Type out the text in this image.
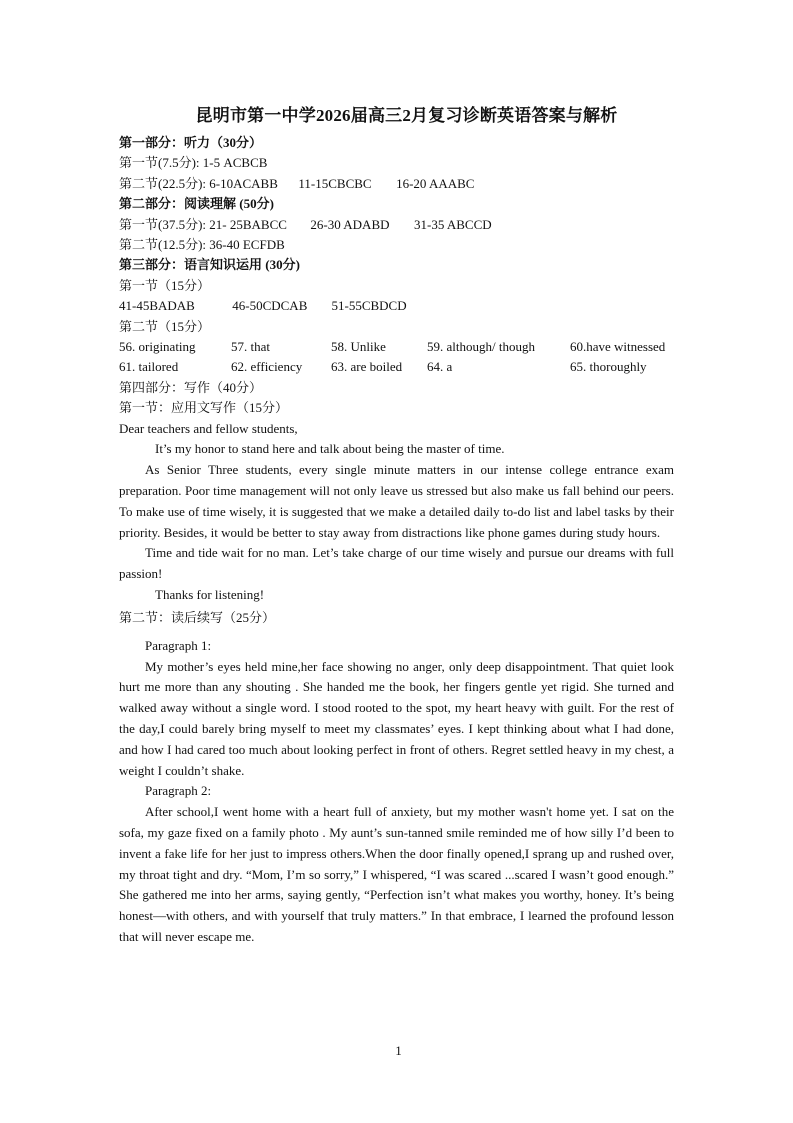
昆明市第一中学2026届高三2月复习诊断英语答案与解析
第一部分：听力（30分）
第一节(7.5分): 1-5 ACBCB
第二节(22.5分): 6-10ACABB 11-15CBCBC 16-20 AAABC
第二部分：阅读理解 (50分)
第一节(37.5分): 21- 25BABCC 26-30 ADABD 31-35 ABCCD
第二节(12.5分): 36-40 ECFDB
第三部分：语言知识运用 (30分)
第一节（15分）
41-45BADAB	46-50CDCAB 51-55CBDCD
第二节（15分）
56. originating	57. that	58. Unlike	59. although/ though	60.have witnessed
61. tailored	62. efficiency	63. are boiled	64. a	65. thoroughly
第四部分：写作（40分）
第一节：应用文写作（15分）
Dear teachers and fellow students,
It’s my honor to stand here and talk about being the master of time.

As Senior Three students, every single minute matters in our intense college entrance exam preparation. Poor time management will not only leave us stressed but also make us fall behind our peers. To make use of time wisely, it is suggested that we make a detailed daily to-do list and label tasks by their priority. Besides, it would be better to stay away from distractions like phone games during study hours.

Time and tide wait for no man. Let’s take charge of our time wisely and pursue our dreams with full passion!

Thanks for listening!
第二节：读后续写（25分）
Paragraph 1:

My mother’s eyes held mine,her face showing no anger, only deep disappointment. That quiet look hurt me more than any shouting . She handed me the book, her fingers gentle yet rigid. She turned and walked away without a single word. I stood rooted to the spot, my heart heavy with guilt. For the rest of the day,I could barely bring myself to meet my classmates’ eyes. I kept thinking about what I had done, and how I had cared too much about looking perfect in front of others. Regret settled heavy in my chest, a weight I couldn’t shake.

Paragraph 2:

After school,I went home with a heart full of anxiety, but my mother wasn't home yet. I sat on the sofa, my gaze fixed on a family photo . My aunt’s sun-tanned smile reminded me of how silly I’d been to invent a fake life for her just to impress others.When the door finally opened,I sprang up and rushed over, my throat tight and dry. “Mom, I’m so sorry,” I whispered, “I was scared ...scared I wasn’t good enough.” She gathered me into her arms, saying gently, “Perfection isn’t what makes you worthy, honey. It’s being honest—with others, and with yourself that truly matters.” In that embrace, I learned the profound lesson that will never escape me.

1
